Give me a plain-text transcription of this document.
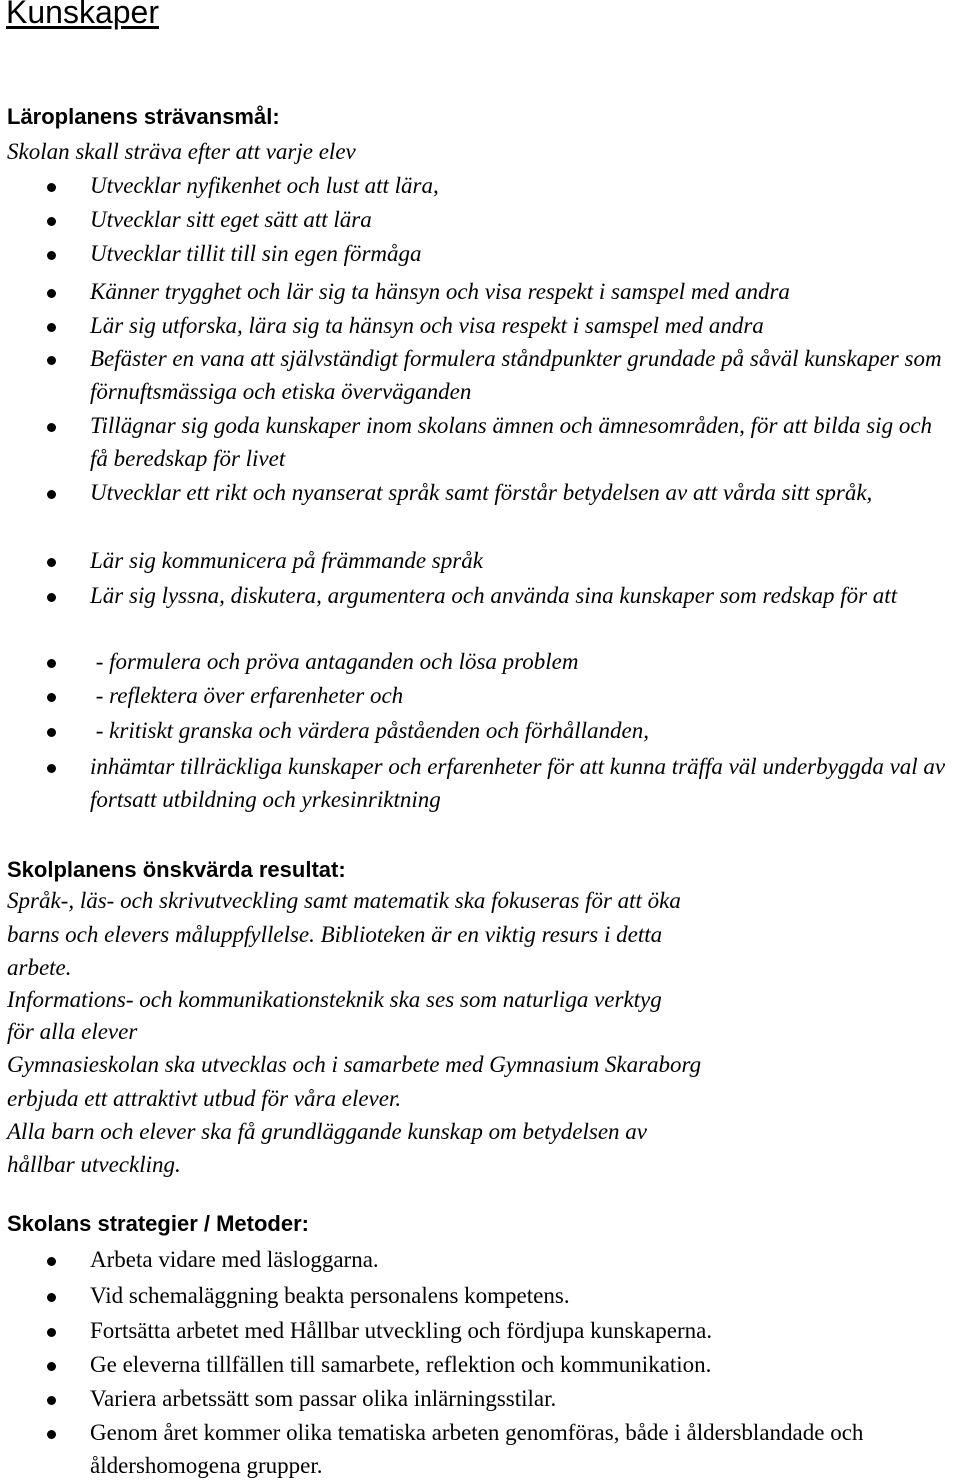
Kunskaper
Läroplanens strävansmål:

Skolan skall sträva efter att varje elev

Utvecklar nyfikenhet och lust att lära,
Utvecklar sitt eget sätt att lära
Utvecklar tillit till sin egen förmåga
Känner trygghet och lär sig ta hänsyn och visa respekt i samspel med andra
Lär sig utforska, lära sig ta hänsyn och visa respekt i samspel med andra
Befäster en vana att självständigt formulera ståndpunkter grundade på såväl kunskaper som förnuftsmässiga och etiska överväganden
Tillägnar sig goda kunskaper inom skolans ämnen och ämnesområden, för att bilda sig och få beredskap för livet
Utvecklar ett rikt och nyanserat språk samt förstår betydelsen av att vårda sitt språk,
Lär sig kommunicera på främmande språk
Lär sig lyssna, diskutera, argumentera och använda sina kunskaper som redskap för att
- formulera och pröva antaganden och lösa problem
- reflektera över erfarenheter och
- kritiskt granska och värdera påståenden och förhållanden,
inhämtar tillräckliga kunskaper och erfarenheter för att kunna träffa väl underbyggda val av fortsatt utbildning och yrkesinriktning
Skolplanens önskvärda resultat:

Språk-, läs- och skrivutveckling samt matematik ska fokuseras för att öka

barns och elevers måluppfyllelse. Biblioteken är en viktig resurs i detta

arbete.

Informations- och kommunikationsteknik ska ses som naturliga verktyg

för alla elever

Gymnasieskolan ska utvecklas och i samarbete med Gymnasium Skaraborg

erbjuda ett attraktivt utbud för våra elever.

Alla barn och elever ska få grundläggande kunskap om betydelsen av

hållbar utveckling.

Skolans strategier / Metoder:
Arbeta vidare med läsloggarna.
Vid schemaläggning beakta personalens kompetens.
Fortsätta arbetet med Hållbar utveckling och fördjupa kunskaperna.
Ge eleverna tillfällen till samarbete, reflektion och kommunikation.
Variera arbetssätt som passar olika inlärningsstilar.
Genom året kommer olika tematiska arbeten genomföras, både i åldersblandade och åldershomogena grupper.
